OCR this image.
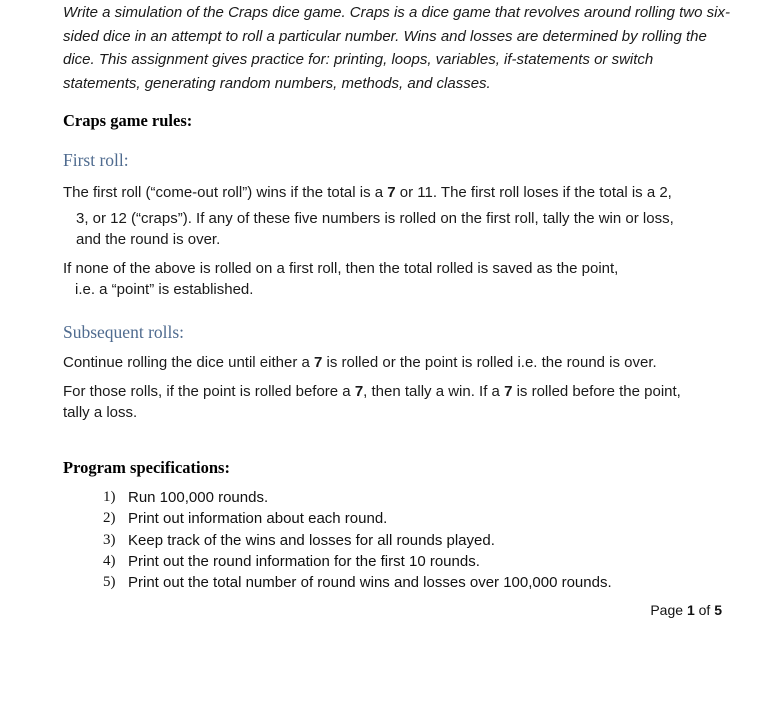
Write a simulation of the Craps dice game. Craps is a dice game that revolves around rolling two six-sided dice in an attempt to roll a particular number. Wins and losses are determined by rolling the dice. This assignment gives practice for: printing, loops, variables, if-statements or switch statements, generating random numbers, methods, and classes.
Craps game rules:
First roll:
The first roll (“come-out roll”) wins if the total is a 7 or 11. The first roll loses if the total is a 2,
3, or 12 (“craps”). If any of these five numbers is rolled on the first roll, tally the win or loss,
and the round is over.
If none of the above is rolled on a first roll, then the total rolled is saved as the point,
i.e. a “point” is established.
Subsequent rolls:
Continue rolling the dice until either a 7 is rolled or the point is rolled i.e. the round is over.
For those rolls, if the point is rolled before a 7, then tally a win. If a 7 is rolled before the point,
tally a loss.
Program specifications:
1) Run 100,000 rounds.
2) Print out information about each round.
3) Keep track of the wins and losses for all rounds played.
4) Print out the round information for the first 10 rounds.
5) Print out the total number of round wins and losses over 100,000 rounds.
Page 1 of 5
